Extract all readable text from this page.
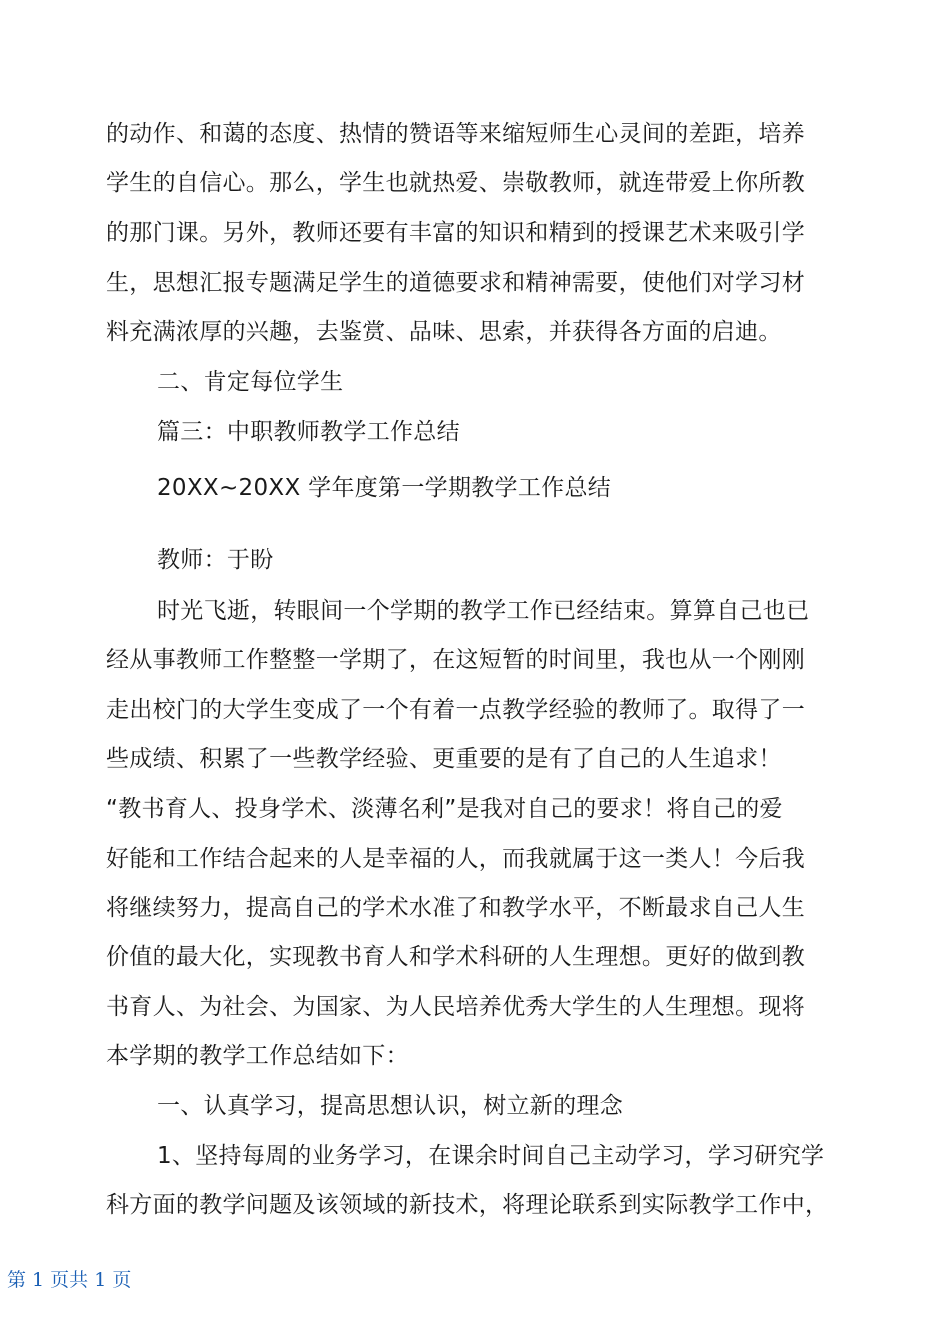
的动作、和蔼的态度、热情的赞语等来缩短师生心灵间的差距，培养
学生的自信心。那么，学生也就热爱、崇敬教师，就连带爱上你所教
的那门课。另外，教师还要有丰富的知识和精到的授课艺术来吸引学
生，思想汇报专题满足学生的道德要求和精神需要，使他们对学习材
料充满浓厚的兴趣，去鉴赏、品味、思索，并获得各方面的启迪。
二、肯定每位学生
篇三：中职教师教学工作总结
20XX~20XX 学年度第一学期教学工作总结
教师：于盼
时光飞逝，转眼间一个学期的教学工作已经结束。算算自己也已
经从事教师工作整整一学期了，在这短暂的时间里，我也从一个刚刚
走出校门的大学生变成了一个有着一点教学经验的教师了。取得了一
些成绩、积累了一些教学经验、更重要的是有了自己的人生追求！
“教书育人、投身学术、淡薄名利”是我对自己的要求！将自己的爱
好能和工作结合起来的人是幸福的人，而我就属于这一类人！今后我
将继续努力，提高自己的学术水准了和教学水平，不断最求自己人生
价值的最大化，实现教书育人和学术科研的人生理想。更好的做到教
书育人、为社会、为国家、为人民培养优秀大学生的人生理想。现将
本学期的教学工作总结如下：
一、认真学习，提高思想认识，树立新的理念
1、坚持每周的业务学习，在课余时间自己主动学习，学习研究学
科方面的教学问题及该领域的新技术，将理论联系到实际教学工作中，
第 1 页共 1 页
